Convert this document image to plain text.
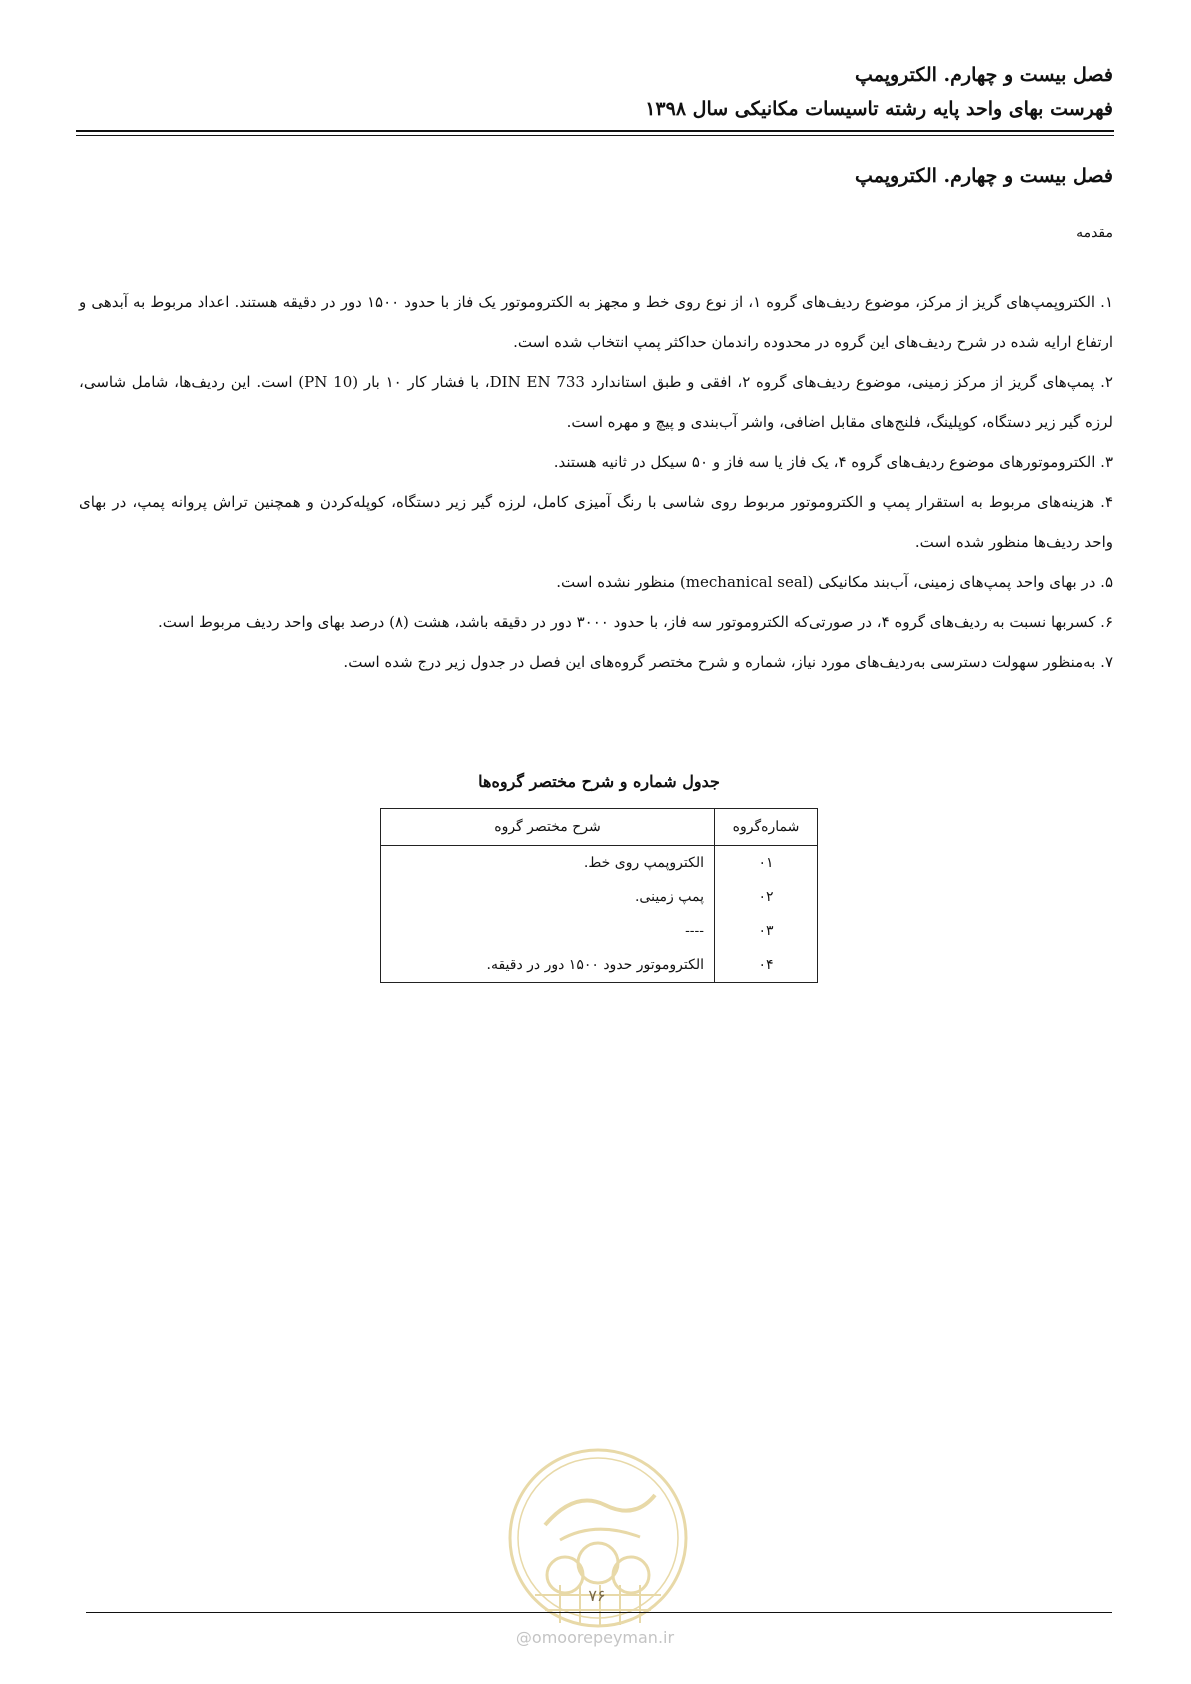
فصل بیست و چهارم. الکتروپمپ
فهرست بهای واحد پایه رشته تاسیسات مکانیکی سال ۱۳۹۸
فصل بیست و چهارم. الکتروپمپ
مقدمه

۱. الکتروپمپ‌های گریز از مرکز، موضوع ردیف‌های گروه ۱، از نوع روی خط و مجهز به الکتروموتور یک فاز با حدود ۱۵۰۰ دور در دقیقه هستند. اعداد مربوط به آبدهی و ارتفاع ارایه شده در شرح ردیف‌های این گروه در محدوده راندمان حداکثر پمپ انتخاب شده است.

۲. پمپ‌های گریز از مرکز زمینی، موضوع ردیف‌های گروه ۲، افقی و طبق استاندارد DIN EN 733، با فشار کار ۱۰ بار (PN 10) است. این ردیف‌ها، شامل شاسی، لرزه گیر زیر دستگاه، کوپلینگ، فلنج‌های مقابل اضافی، واشر آب‌بندی و پیچ و مهره است.

۳. الکتروموتورهای موضوع ردیف‌های گروه ۴، یک فاز یا سه فاز و ۵۰ سیکل در ثانیه هستند.

۴. هزینه‌های مربوط به استقرار پمپ و الکتروموتور مربوط روی شاسی با رنگ آمیزی کامل، لرزه گیر زیر دستگاه، کوپله‌کردن و همچنین تراش پروانه پمپ، در بهای واحد ردیف‌ها منظور شده است.

۵. در بهای واحد پمپ‌های زمینی، آب‌بند مکانیکی (mechanical seal) منظور نشده است.

۶. کسربها نسبت به ردیف‌های گروه ۴، در صورتی‌که الکتروموتور سه فاز، با حدود ۳۰۰۰ دور در دقیقه باشد، هشت (۸) درصد بهای واحد ردیف مربوط است.

۷. به‌منظور سهولت دسترسی به‌ردیف‌های مورد نیاز، شماره و شرح مختصر گروه‌های این فصل در جدول زیر درج شده است.

جدول شماره و شرح مختصر گروه‌ها
شماره‌گروه	شرح مختصر گروه
۰۱	الکتروپمپ روی خط.
۰۲	پمپ زمینی.
۰۳	----
۰۴	الکتروموتور حدود ۱۵۰۰ دور در دقیقه.
۷۶
@omoorepeyman.ir
